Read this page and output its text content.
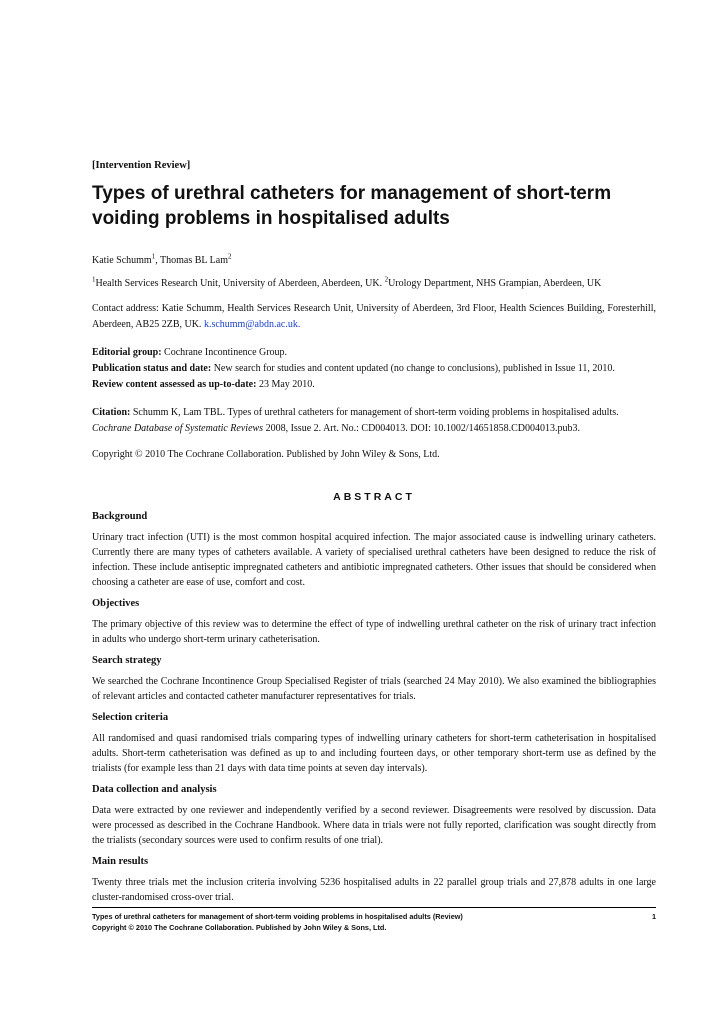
[Intervention Review]

Types of urethral catheters for management of short-term voiding problems in hospitalised adults
Katie Schumm$^1$, Thomas BL Lam$^2$
$^1$Health Services Research Unit, University of Aberdeen, Aberdeen, UK. $^2$Urology Department, NHS Grampian, Aberdeen, UK
Contact address: Katie Schumm, Health Services Research Unit, University of Aberdeen, 3rd Floor, Health Sciences Building, Foresterhill, Aberdeen, AB25 2ZB, UK. k.schumm@abdn.ac.uk.
Editorial group: Cochrane Incontinence Group.
Publication status and date: New search for studies and content updated (no change to conclusions), published in Issue 11, 2010.
Review content assessed as up-to-date: 23 May 2010.
Citation: Schumm K, Lam TBL. Types of urethral catheters for management of short-term voiding problems in hospitalised adults. Cochrane Database of Systematic Reviews 2008, Issue 2. Art. No.: CD004013. DOI: 10.1002/14651858.CD004013.pub3.
Copyright © 2010 The Cochrane Collaboration. Published by John Wiley & Sons, Ltd.
ABSTRACT

Background

Urinary tract infection (UTI) is the most common hospital acquired infection. The major associated cause is indwelling urinary catheters. Currently there are many types of catheters available. A variety of specialised urethral catheters have been designed to reduce the risk of infection. These include antiseptic impregnated catheters and antibiotic impregnated catheters. Other issues that should be considered when choosing a catheter are ease of use, comfort and cost.

Objectives

The primary objective of this review was to determine the effect of type of indwelling urethral catheter on the risk of urinary tract infection in adults who undergo short-term urinary catheterisation.

Search strategy

We searched the Cochrane Incontinence Group Specialised Register of trials (searched 24 May 2010). We also examined the bibliographies of relevant articles and contacted catheter manufacturer representatives for trials.

Selection criteria

All randomised and quasi randomised trials comparing types of indwelling urinary catheters for short-term catheterisation in hospitalised adults. Short-term catheterisation was defined as up to and including fourteen days, or other temporary short-term use as defined by the trialists (for example less than 21 days with data time points at seven day intervals).

Data collection and analysis

Data were extracted by one reviewer and independently verified by a second reviewer. Disagreements were resolved by discussion. Data were processed as described in the Cochrane Handbook. Where data in trials were not fully reported, clarification was sought directly from the trialists (secondary sources were used to confirm results of one trial).

Main results

Twenty three trials met the inclusion criteria involving 5236 hospitalised adults in 22 parallel group trials and 27,878 adults in one large cluster-randomised cross-over trial.

Types of urethral catheters for management of short-term voiding problems in hospitalised adults (Review)	1
Copyright © 2010 The Cochrane Collaboration. Published by John Wiley & Sons, Ltd.
